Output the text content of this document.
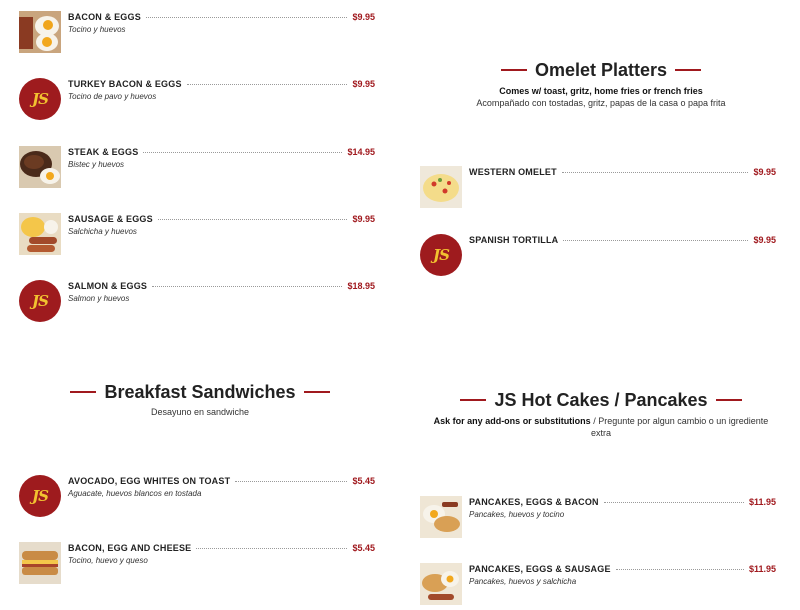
BACON & EGGS	$9.95
Tocino y huevos
JS
TURKEY BACON & EGGS	$9.95
Tocino de pavo y huevos
STEAK & EGGS	$14.95
Bistec y huevos
SAUSAGE & EGGS	$9.95
Salchicha y huevos
JS
SALMON & EGGS	$18.95
Salmon y huevos
Omelet Platters
Comes w/ toast, gritz, home fries or french fries
Acompañado con tostadas, gritz, papas de la casa o papa frita
WESTERN OMELET	$9.95
JS
SPANISH TORTILLA	$9.95
Breakfast Sandwiches
Desayuno en sandwiche
JS
AVOCADO, EGG WHITES ON TOAST	$5.45
Aguacate, huevos blancos en tostada
BACON, EGG AND CHEESE	$5.45
Tocino, huevo y queso
JS Hot Cakes / Pancakes
Ask for any add-ons or substitutions / Pregunte por algun cambio o un igrediente extra
PANCAKES, EGGS & BACON	$11.95
Pancakes, huevos y tocino
PANCAKES, EGGS & SAUSAGE	$11.95
Pancakes, huevos y salchicha
